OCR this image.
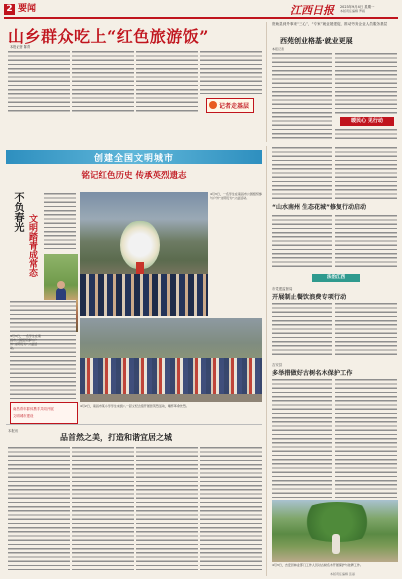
2 要闻	江西日报 2023年9月4日 星期一
本版责任编辑 罗娟
山乡群众吃上“红色旅游饭”
本报记者 陈青
记者走基层
资助县到外事来“三心”，“专家”就业援建促，推动劳务企业人员服务基层
西苑创业格基·就业更展
本报记者
暖民心 见行动
创建全国文明城市
铭记红色历史 传承英烈遗志
不负春光
文明踏青成常态
4月3日，一名学生在南昌市公园组织参与户外“文明行为”公益活动。
南昌青年群体携手共同开展
文明城市建设
4月3日，一名学生在南昌市公园组织参与户外“文明行为”公益活动。
4月2日，南昌市某小学学生来到八一起义纪念馆开展祭英烈活动，缅怀革命先烈。
“山水南州 生态花城”修复行动启动
法治江西
市党建监督局
开展制止餐饮浪费专项行动
吉安县
多举措做好古树名木保护工作
本报讯
品首然之美，打造和谐宜居之城
4月3日，吉安县林业部门工作人员对古树名木开展保护与挂牌工作。
本版责任编辑 张丽
